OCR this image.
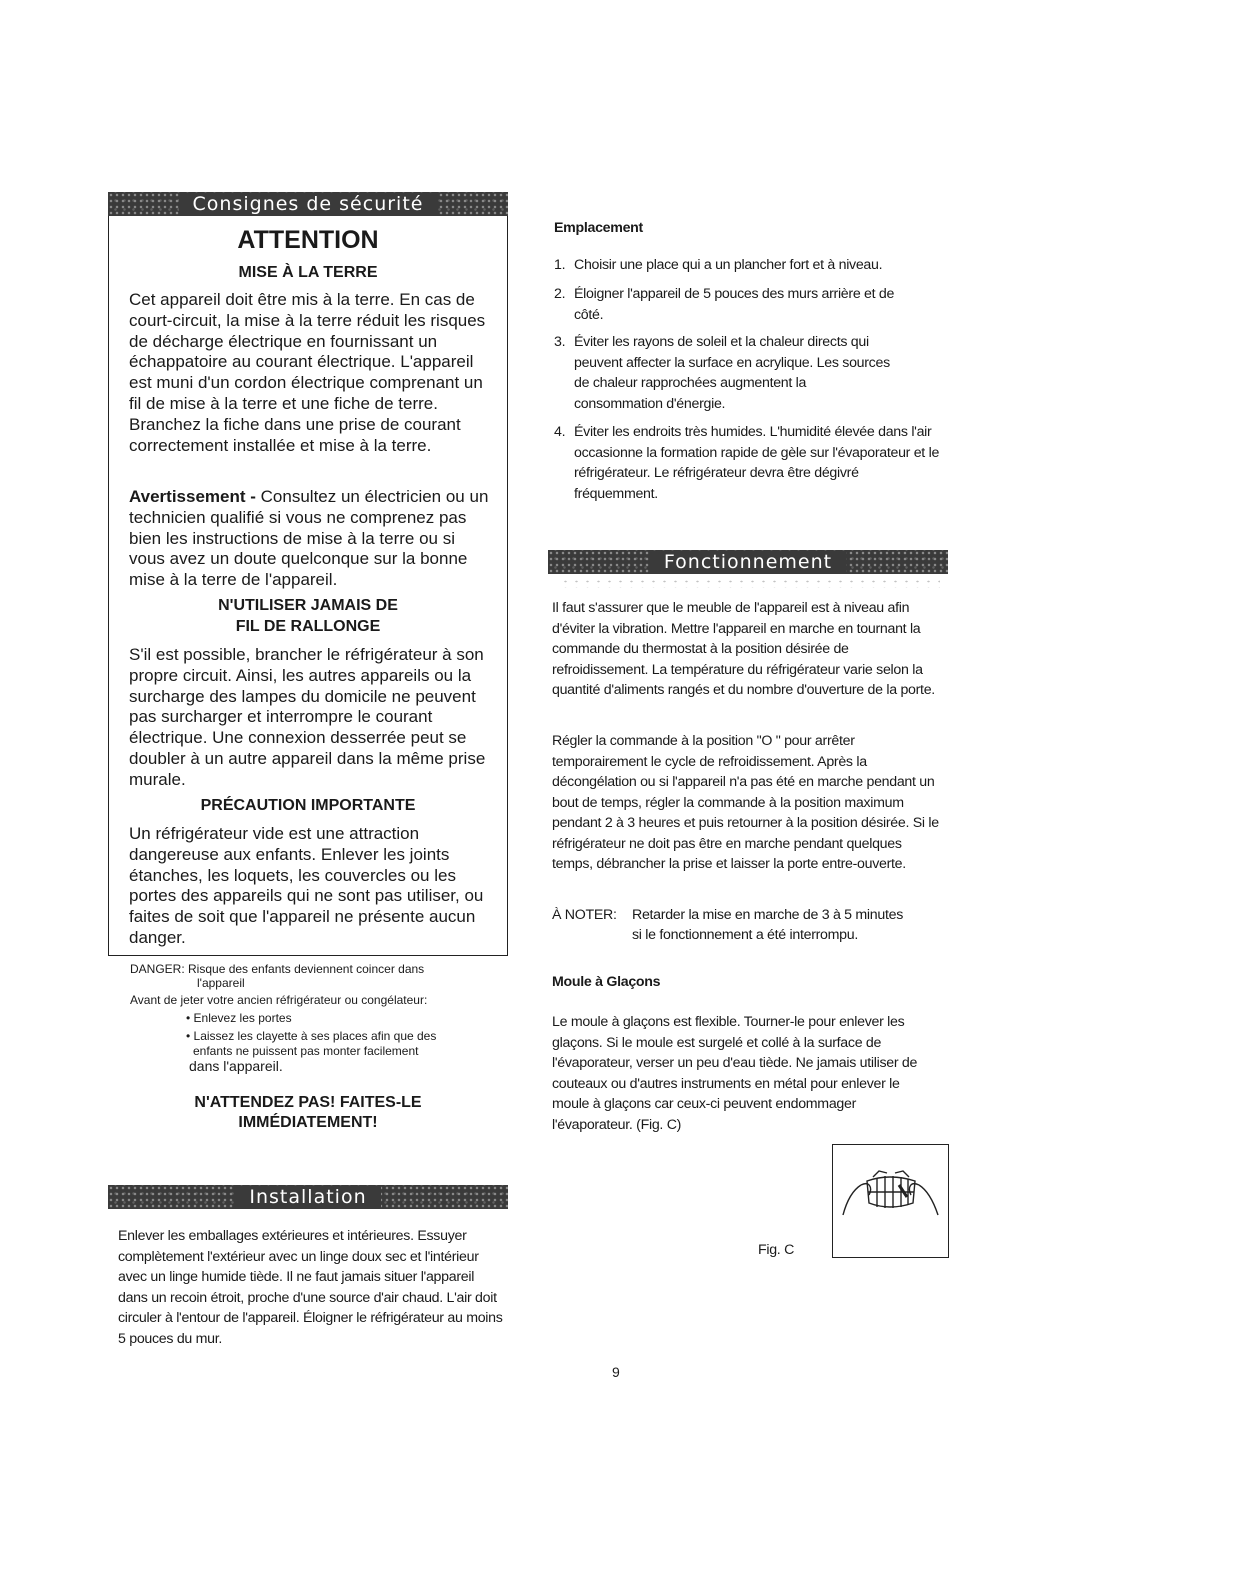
Consignes de sécurité
ATTENTION
MISE À LA TERRE
Cet appareil doit être mis à la terre. En cas de court-circuit, la mise à la terre réduit les risques de décharge électrique en fournissant un échappatoire au courant électrique. L'appareil est muni d'un cordon électrique comprenant un fil de mise à la terre et une fiche de terre. Branchez la fiche dans une prise de courant correctement installée et mise à la terre.
Avertissement - Consultez un électricien ou un technicien qualifié si vous ne comprenez pas bien les instructions de mise à la terre ou si vous avez un doute quelconque sur la bonne mise à la terre de l'appareil.
N'UTILISER JAMAIS DE
FIL DE RALLONGE
S'il est possible, brancher le réfrigérateur à son propre circuit. Ainsi, les autres appareils ou la surcharge des lampes du domicile ne peuvent pas surcharger et interrompre le courant électrique. Une connexion desserrée peut se doubler à un autre appareil dans la même prise murale.
PRÉCAUTION IMPORTANTE
Un réfrigérateur vide est une attraction dangereuse aux enfants. Enlever les joints étanches, les loquets, les couvercles ou les portes des appareils qui ne sont pas utiliser, ou faites de soit que l'appareil ne présente aucun danger.
DANGER: Risque des enfants deviennent coincer dans
l'appareil
Avant de jeter votre ancien réfrigérateur ou congélateur:
• Enlevez les portes
• Laissez les clayette à ses places afin que des
enfants ne puissent pas monter facilement
dans l'appareil.
N'ATTENDEZ PAS! FAITES-LE
IMMÉDIATEMENT!
Installation
Enlever les emballages extérieures et intérieures. Essuyer complètement l'extérieur avec un linge doux sec et l'intérieur avec un linge humide tiède. Il ne faut jamais situer l'appareil dans un recoin étroit, proche d'une source d'air chaud. L'air doit circuler à l'entour de l'appareil. Éloigner le réfrigérateur au moins 5 pouces du mur.
Emplacement
1. Choisir une place qui a un plancher fort et à niveau.
2. Éloigner l'appareil de 5 pouces des murs arrière et de côté.
3. Éviter les rayons de soleil et la chaleur directs qui peuvent affecter la surface en acrylique. Les sources de chaleur rapprochées augmentent la consommation d'énergie.
4. Éviter les endroits très humides. L'humidité élevée dans l'air occasionne la formation rapide de gèle sur l'évaporateur et le réfrigérateur. Le réfrigérateur devra être dégivré fréquemment.
Fonctionnement
Il faut s'assurer que le meuble de l'appareil est à niveau afin d'éviter la vibration. Mettre l'appareil en marche en tournant la commande du thermostat à la position désirée de refroidissement. La température du réfrigérateur varie selon la quantité d'aliments rangés et du nombre d'ouverture de la porte.
Régler la commande à la position "O " pour arrêter temporairement le cycle de refroidissement. Après la décongélation ou si l'appareil n'a pas été en marche pendant un bout de temps, régler la commande à la position maximum pendant 2 à 3 heures et puis retourner à la position désirée. Si le réfrigérateur ne doit pas être en marche pendant quelques temps, débrancher la prise et laisser la porte entre-ouverte.
À NOTER:	Retarder la mise en marche de 3 à 5 minutes
si le fonctionnement a été interrompu.
Moule à Glaçons
Le moule à glaçons est flexible. Tourner-le pour enlever les glaçons. Si le moule est surgelé et collé à la surface de l'évaporateur, verser un peu d'eau tiède. Ne jamais utiliser de couteaux ou d'autres instruments en métal pour enlever le moule à glaçons car ceux-ci peuvent endommager l'évaporateur. (Fig. C)
Fig. C
9
